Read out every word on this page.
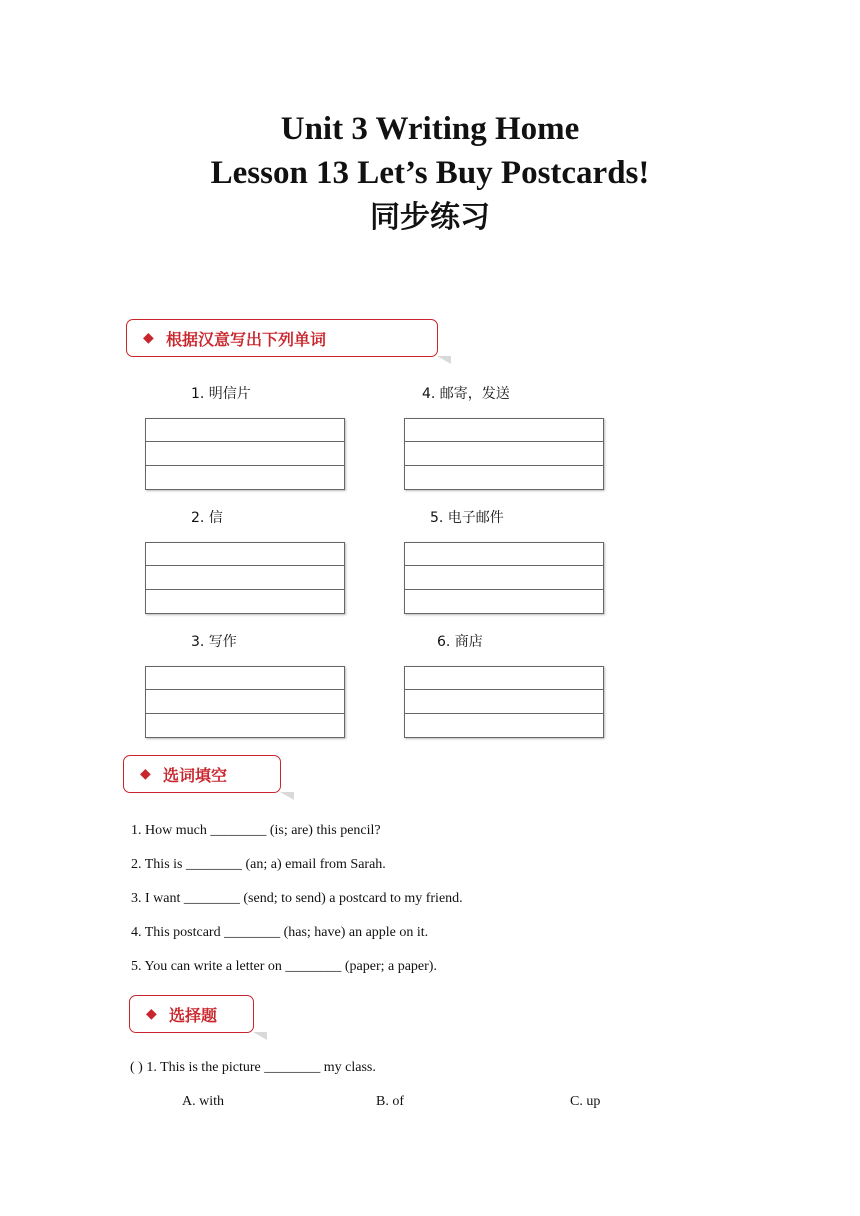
Unit 3 Writing Home
Lesson 13 Let’s Buy Postcards!
同步练习
◆ 根据汉意写出下列单词
1. 明信片	4. 邮寄，发送
2. 信	5. 电子邮件
3. 写作	6. 商店
◆ 选词填空
1. How much ________ (is; are) this pencil?
2. This is ________ (an; a) email from Sarah.
3. I want ________ (send; to send) a postcard to my friend.
4. This postcard ________ (has; have) an apple on it.
5. You can write a letter on ________ (paper; a paper).
◆ 选择题
( ) 1. This is the picture ________ my class.
A. with	B. of	C. up
